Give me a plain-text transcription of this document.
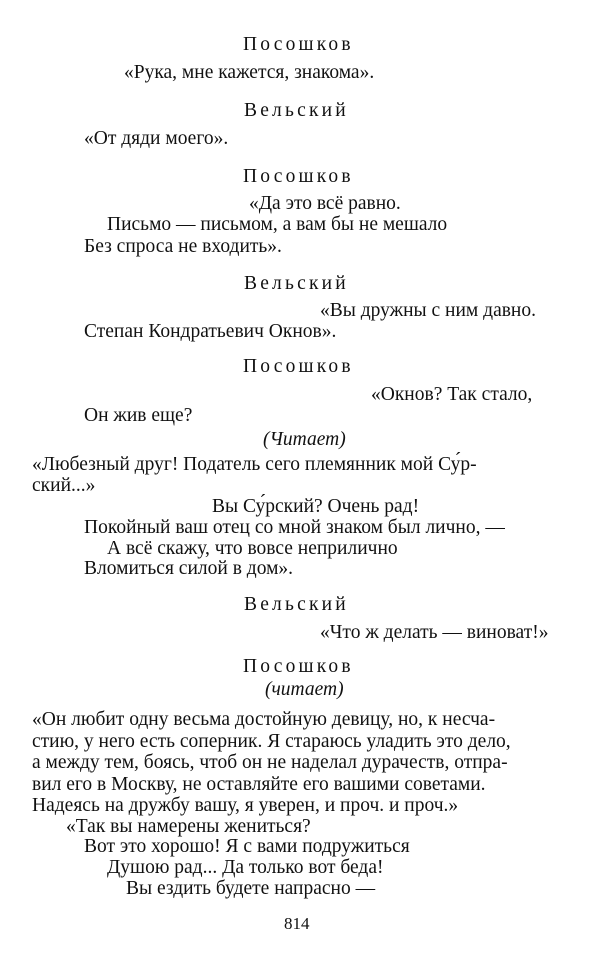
Посошков
«Рука, мне кажется, знакома».
Вельский
«От дяди моего».
Посошков
«Да это всё равно.
Письмо — письмом, а вам бы не мешало
Без спроса не входить».
Вельский
«Вы дружны с ним давно.
Степан Кондратьевич Окнов».
Посошков
«Окнов? Так стало,
Он жив еще?
(Читает)
«Любезный друг! Податель сего племянник мой Су́р-
ский...»
Вы Су́рский? Очень рад!
Покойный ваш отец со мной знаком был лично, —
А всё скажу, что вовсе неприлично
Вломиться силой в дом».
Вельский
«Что ж делать — виноват!»
Посошков
(читает)
«Он любит одну весьма достойную девицу, но, к несча-
стию, у него есть соперник. Я стараюсь уладить это дело,
а между тем, боясь, чтоб он не наделал дурачеств, отпра-
вил его в Москву, не оставляйте его вашими советами.
Надеясь на дружбу вашу, я уверен, и проч. и проч.»
«Так вы намерены жениться?
Вот это хорошо! Я с вами подружиться
Душою рад... Да только вот беда!
Вы ездить будете напрасно —
814
